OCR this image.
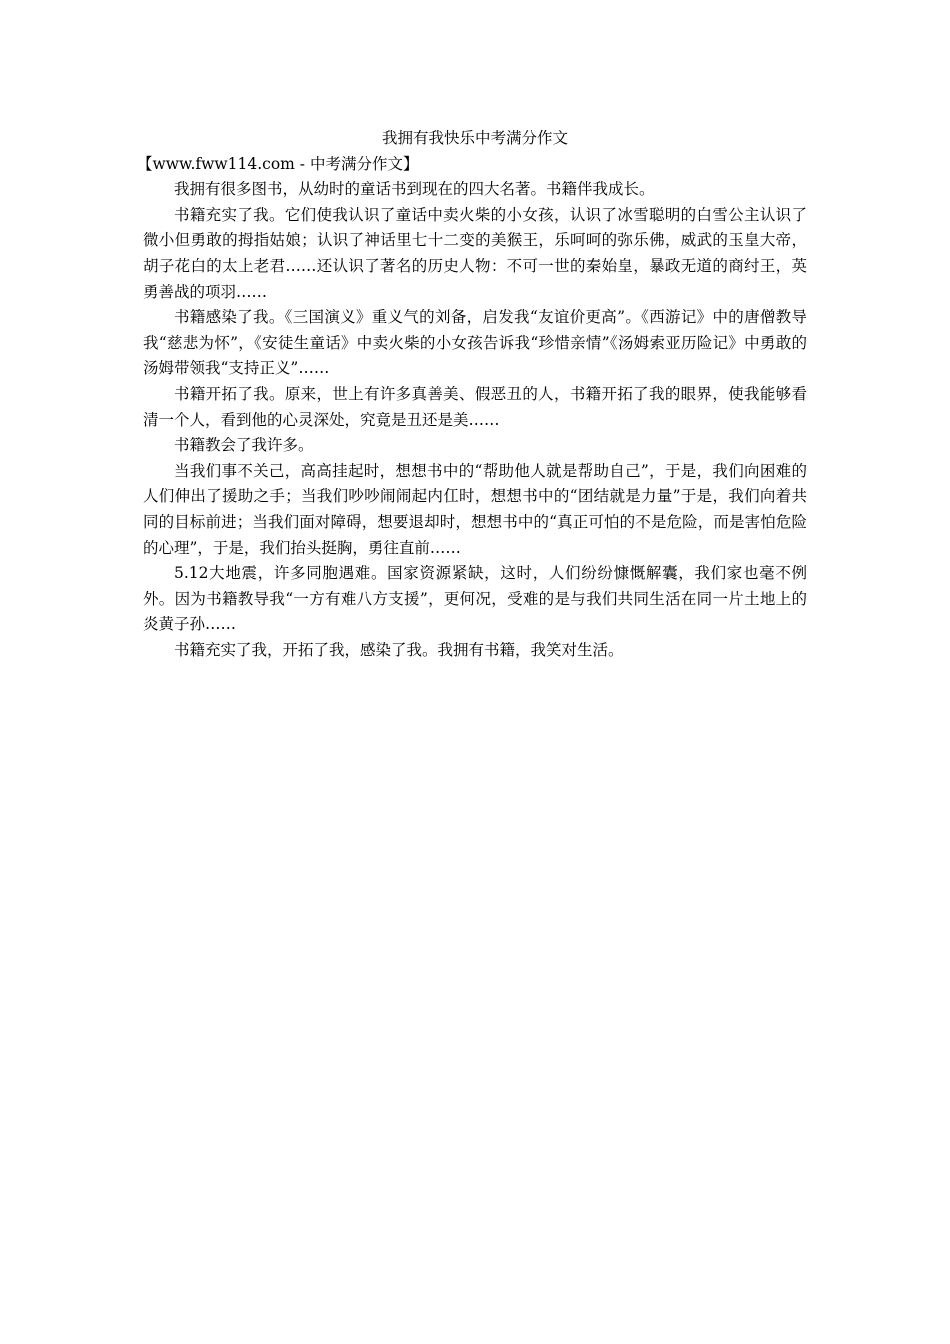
我拥有我快乐中考满分作文

【www.fww114.com - 中考满分作文】

我拥有很多图书，从幼时的童话书到现在的四大名著。书籍伴我成长。

书籍充实了我。它们使我认识了童话中卖火柴的小女孩，认识了冰雪聪明的白雪公主认识了微小但勇敢的拇指姑娘；认识了神话里七十二变的美猴王，乐呵呵的弥乐佛，威武的玉皇大帝，胡子花白的太上老君……还认识了著名的历史人物：不可一世的秦始皇，暴政无道的商纣王，英勇善战的项羽……

书籍感染了我。《三国演义》重义气的刘备，启发我“友谊价更高”。《西游记》中的唐僧教导我“慈悲为怀”，《安徒生童话》中卖火柴的小女孩告诉我“珍惜亲情”《汤姆索亚历险记》中勇敢的汤姆带领我“支持正义”……

书籍开拓了我。原来，世上有许多真善美、假恶丑的人，书籍开拓了我的眼界，使我能够看清一个人，看到他的心灵深处，究竟是丑还是美……

书籍教会了我许多。

当我们事不关己，高高挂起时，想想书中的“帮助他人就是帮助自己”，于是，我们向困难的人们伸出了援助之手；当我们吵吵闹闹起内仜时，想想书中的“团结就是力量”于是，我们向着共同的目标前进；当我们面对障碍，想要退却时，想想书中的“真正可怕的不是危险，而是害怕危险的心理”，于是，我们抬头挺胸，勇往直前……

5.12大地震，许多同胞遇难。国家资源紧缺，这时，人们纷纷慷慨解囊，我们家也毫不例外。因为书籍教导我“一方有难八方支援”，更何况，受难的是与我们共同生活在同一片土地上的炎黄子孙……

书籍充实了我，开拓了我，感染了我。我拥有书籍，我笑对生活。
